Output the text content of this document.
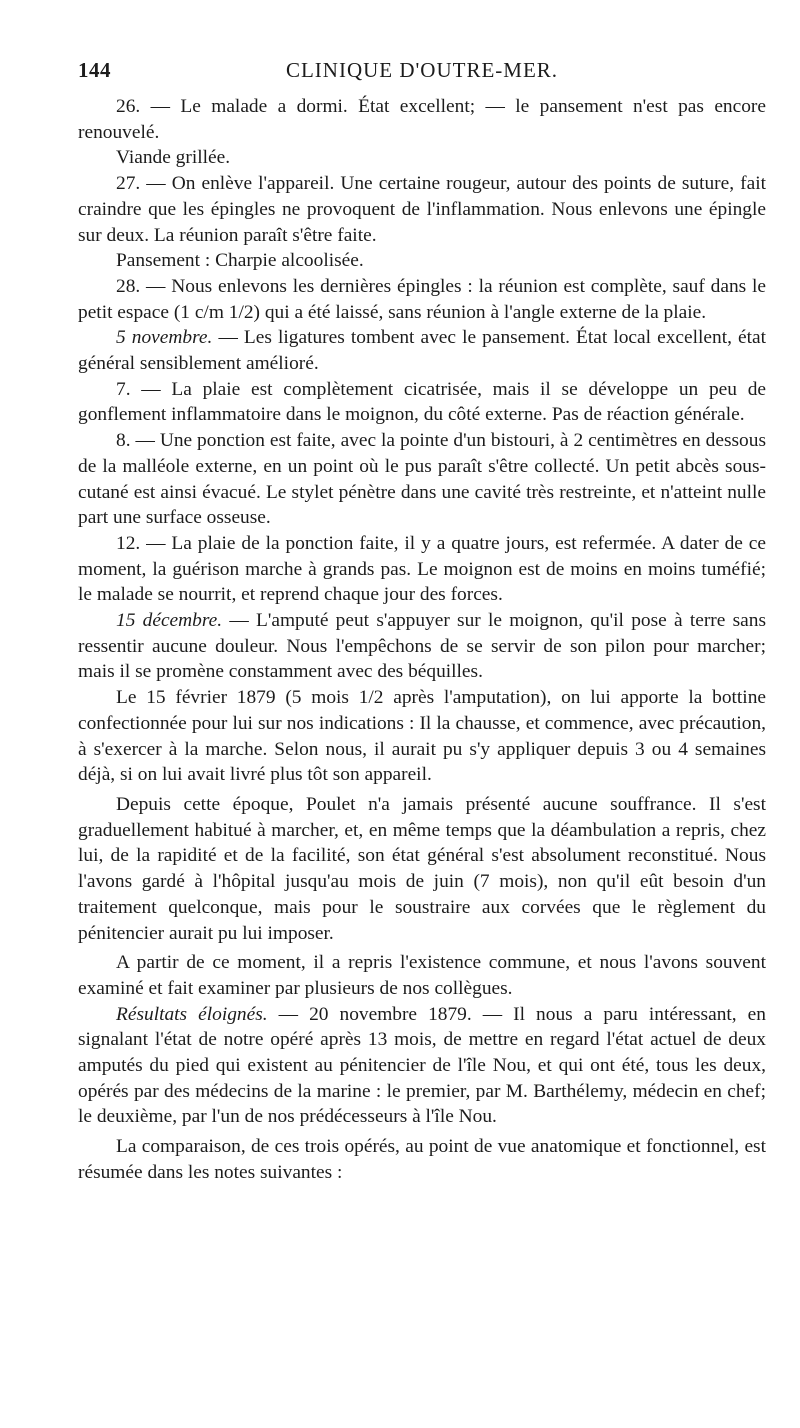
144	CLINIQUE D'OUTRE-MER.

26. — Le malade a dormi. État excellent; — le pansement n'est pas encore renouvelé.

Viande grillée.

27. — On enlève l'appareil. Une certaine rougeur, autour des points de suture, fait craindre que les épingles ne provoquent de l'inflammation. Nous enlevons une épingle sur deux. La réunion paraît s'être faite.

Pansement : Charpie alcoolisée.

28. — Nous enlevons les dernières épingles : la réunion est complète, sauf dans le petit espace (1 c/m 1/2) qui a été laissé, sans réunion à l'angle externe de la plaie.

5 novembre. — Les ligatures tombent avec le pansement. État local excellent, état général sensiblement amélioré.

7. — La plaie est complètement cicatrisée, mais il se développe un peu de gonflement inflammatoire dans le moignon, du côté externe. Pas de réaction générale.

8. — Une ponction est faite, avec la pointe d'un bistouri, à 2 centimètres en dessous de la malléole externe, en un point où le pus paraît s'être collecté. Un petit abcès sous-cutané est ainsi évacué. Le stylet pénètre dans une cavité très restreinte, et n'atteint nulle part une surface osseuse.

12. — La plaie de la ponction faite, il y a quatre jours, est refermée. A dater de ce moment, la guérison marche à grands pas. Le moignon est de moins en moins tuméfié; le malade se nourrit, et reprend chaque jour des forces.

15 décembre. — L'amputé peut s'appuyer sur le moignon, qu'il pose à terre sans ressentir aucune douleur. Nous l'empêchons de se servir de son pilon pour marcher; mais il se promène constamment avec des béquilles.

Le 15 février 1879 (5 mois 1/2 après l'amputation), on lui apporte la bottine confectionnée pour lui sur nos indications : Il la chausse, et commence, avec précaution, à s'exercer à la marche. Selon nous, il aurait pu s'y appliquer depuis 3 ou 4 semaines déjà, si on lui avait livré plus tôt son appareil.

Depuis cette époque, Poulet n'a jamais présenté aucune souffrance. Il s'est graduellement habitué à marcher, et, en même temps que la déambulation a repris, chez lui, de la rapidité et de la facilité, son état général s'est absolument reconstitué. Nous l'avons gardé à l'hôpital jusqu'au mois de juin (7 mois), non qu'il eût besoin d'un traitement quelconque, mais pour le soustraire aux corvées que le règlement du pénitencier aurait pu lui imposer.

A partir de ce moment, il a repris l'existence commune, et nous l'avons souvent examiné et fait examiner par plusieurs de nos collègues.

Résultats éloignés. — 20 novembre 1879. — Il nous a paru intéressant, en signalant l'état de notre opéré après 13 mois, de mettre en regard l'état actuel de deux amputés du pied qui existent au pénitencier de l'île Nou, et qui ont été, tous les deux, opérés par des médecins de la marine : le premier, par M. Barthélemy, médecin en chef; le deuxième, par l'un de nos prédécesseurs à l'île Nou.

La comparaison, de ces trois opérés, au point de vue anatomique et fonctionnel, est résumée dans les notes suivantes :
